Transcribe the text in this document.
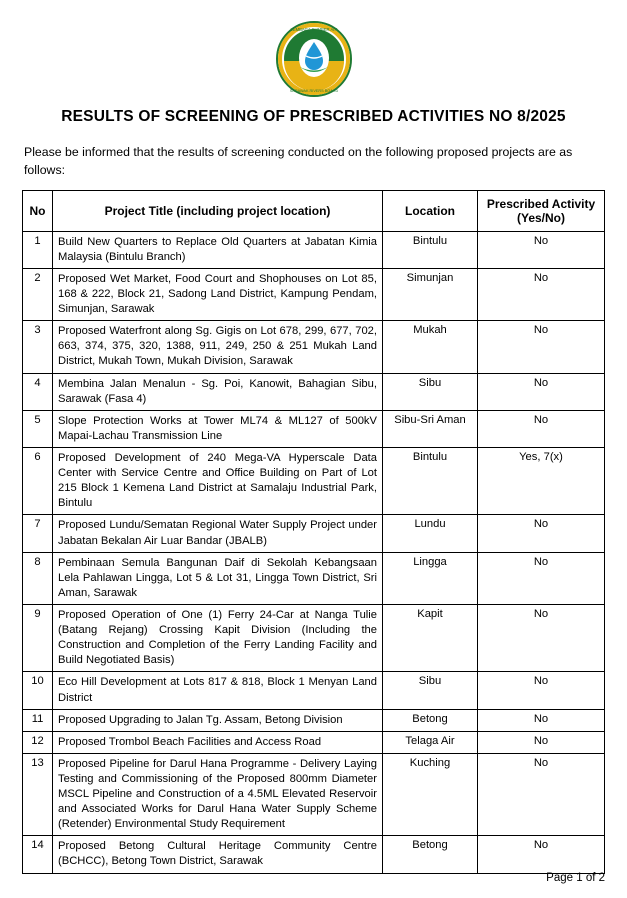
LEMBAGA SUMBER AIR
SARAWAK RIVERS BOARD
RESULTS OF SCREENING OF PRESCRIBED ACTIVITIES NO 8/2025

Please be informed that the results of screening conducted on the following proposed projects are as follows:

No	Project Title (including project location)	Location	Prescribed Activity
(Yes/No)
1	Build New Quarters to Replace Old Quarters at Jabatan Kimia Malaysia (Bintulu Branch)	Bintulu	No
2	Proposed Wet Market, Food Court and Shophouses on Lot 85, 168 & 222, Block 21, Sadong Land District, Kampung Pendam, Simunjan, Sarawak	Simunjan	No
3	Proposed Waterfront along Sg. Gigis on Lot 678, 299, 677, 702, 663, 374, 375, 320, 1388, 911, 249, 250 & 251 Mukah Land District, Mukah Town, Mukah Division, Sarawak	Mukah	No
4	Membina Jalan Menalun - Sg. Poi, Kanowit, Bahagian Sibu, Sarawak (Fasa 4)	Sibu	No
5	Slope Protection Works at Tower ML74 & ML127 of 500kV Mapai-Lachau Transmission Line	Sibu-Sri Aman	No
6	Proposed Development of 240 Mega-VA Hyperscale Data Center with Service Centre and Office Building on Part of Lot 215 Block 1 Kemena Land District at Samalaju Industrial Park, Bintulu	Bintulu	Yes, 7(x)
7	Proposed Lundu/Sematan Regional Water Supply Project under Jabatan Bekalan Air Luar Bandar (JBALB)	Lundu	No
8	Pembinaan Semula Bangunan Daif di Sekolah Kebangsaan Lela Pahlawan Lingga, Lot 5 & Lot 31, Lingga Town District, Sri Aman, Sarawak	Lingga	No
9	Proposed Operation of One (1) Ferry 24-Car at Nanga Tulie (Batang Rejang) Crossing Kapit Division (Including the Construction and Completion of the Ferry Landing Facility and Build Negotiated Basis)	Kapit	No
10	Eco Hill Development at Lots 817 & 818, Block 1 Menyan Land District	Sibu	No
11	Proposed Upgrading to Jalan Tg. Assam, Betong Division	Betong	No
12	Proposed Trombol Beach Facilities and Access Road	Telaga Air	No
13	Proposed Pipeline for Darul Hana Programme - Delivery Laying Testing and Commissioning of the Proposed 800mm Diameter MSCL Pipeline and Construction of a 4.5ML Elevated Reservoir and Associated Works for Darul Hana Water Supply Scheme (Retender) Environmental Study Requirement	Kuching	No
14	Proposed Betong Cultural Heritage Community Centre (BCHCC), Betong Town District, Sarawak	Betong	No
Page 1 of 2
